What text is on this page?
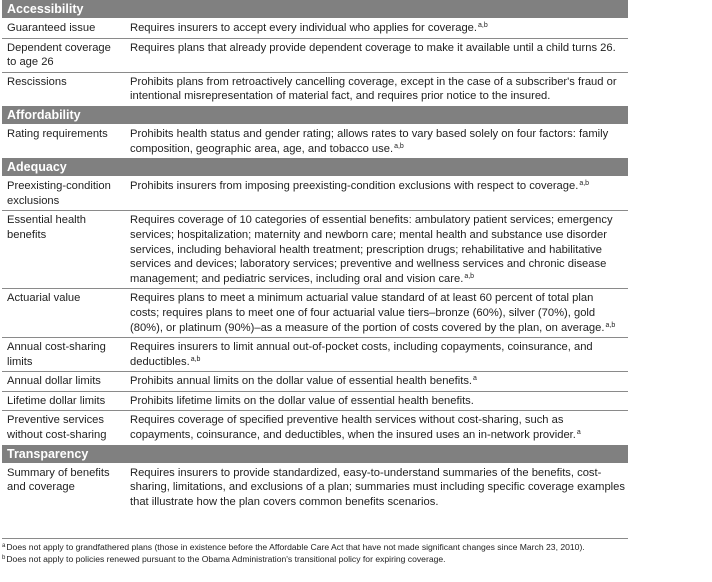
Accessibility	
Guaranteed issue	Requires insurers to accept every individual who applies for coverage.$^{a,b}$
Dependent coverage to age 26	Requires plans that already provide dependent coverage to make it available until a child turns 26.
Rescissions	Prohibits plans from retroactively cancelling coverage, except in the case of a subscriber's fraud or intentional misrepresentation of material fact, and requires prior notice to the insured.
Affordability	
Rating requirements	Prohibits health status and gender rating; allows rates to vary based solely on four factors: family composition, geographic area, age, and tobacco use.$^{a,b}$
Adequacy	
Preexisting-condition exclusions	Prohibits insurers from imposing preexisting-condition exclusions with respect to coverage.$^{a,b}$
Essential health benefits	Requires coverage of 10 categories of essential benefits: ambulatory patient services; emergency services; hospitalization; maternity and newborn care; mental health and substance use disorder services, including behavioral health treatment; prescription drugs; rehabilitative and habilitative services and devices; laboratory services; preventive and wellness services and chronic disease management; and pediatric services, including oral and vision care.$^{a,b}$
Actuarial value	Requires plans to meet a minimum actuarial value standard of at least 60 percent of total plan costs; requires plans to meet one of four actuarial value tiers–bronze (60%), silver (70%), gold (80%), or platinum (90%)–as a measure of the portion of costs covered by the plan, on average.$^{a,b}$
Annual cost-sharing limits	Requires insurers to limit annual out-of-pocket costs, including copayments, coinsurance, and deductibles.$^{a,b}$
Annual dollar limits	Prohibits annual limits on the dollar value of essential health benefits.$^a$
Lifetime dollar limits	Prohibits lifetime limits on the dollar value of essential health benefits.
Preventive services without cost-sharing	Requires coverage of specified preventive health services without cost-sharing, such as copayments, coinsurance, and deductibles, when the insured uses an in-network provider.$^a$
Transparency	
Summary of benefits and coverage	Requires insurers to provide standardized, easy-to-understand summaries of the benefits, cost-sharing, limitations, and exclusions of a plan; summaries must including specific coverage examples that illustrate how the plan covers common benefits scenarios.
$^a$Does not apply to grandfathered plans (those in existence before the Affordable Care Act that have not made significant changes since March 23, 2010).
$^b$Does not apply to policies renewed pursuant to the Obama Administration's transitional policy for expiring coverage.
